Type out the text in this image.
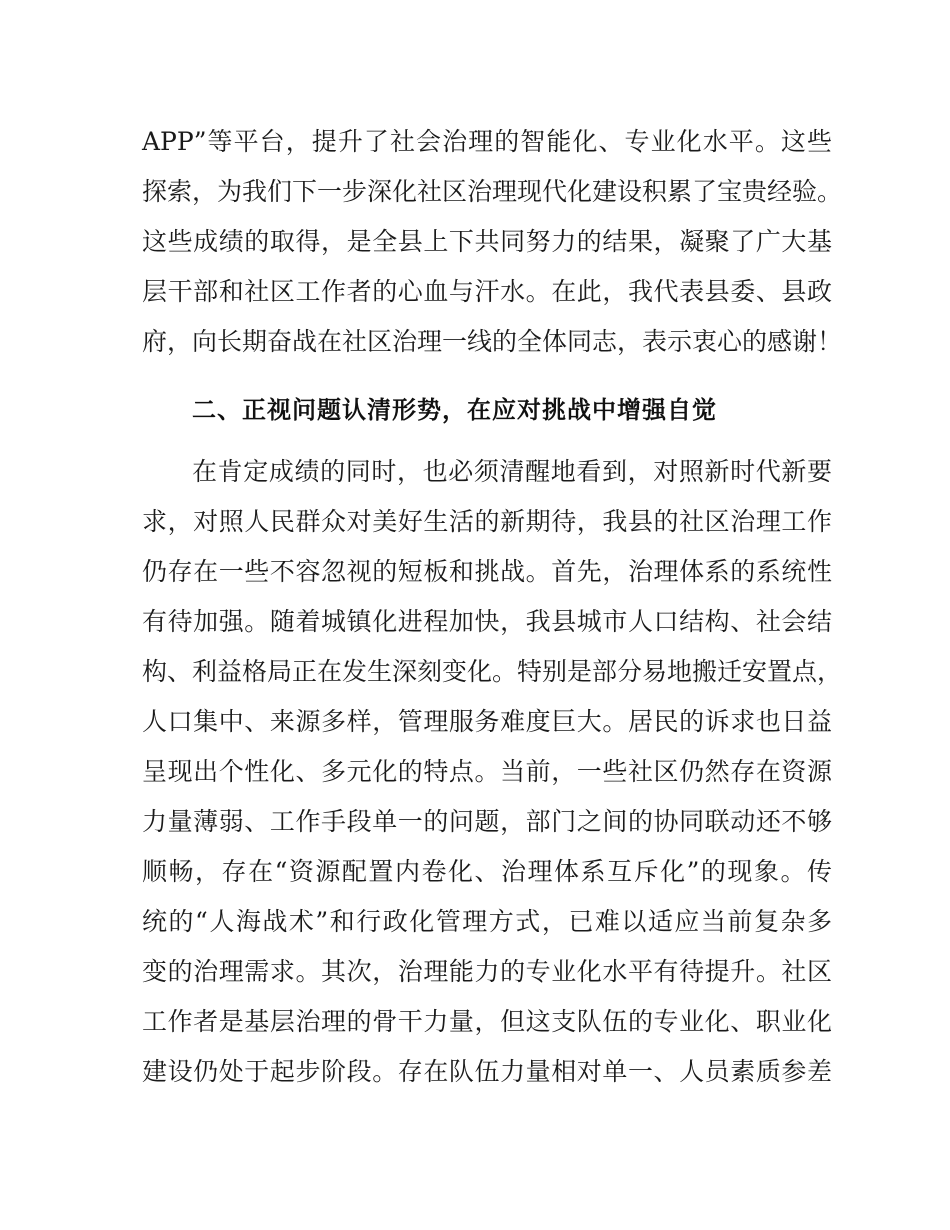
APP”等平台，提升了社会治理的智能化、专业化水平。这些
探索，为我们下一步深化社区治理现代化建设积累了宝贵经验。
这些成绩的取得，是全县上下共同努力的结果，凝聚了广大基
层干部和社区工作者的心血与汗水。在此，我代表县委、县政
府，向长期奋战在社区治理一线的全体同志，表示衷心的感谢！
二、正视问题认清形势，在应对挑战中增强自觉
在肯定成绩的同时，也必须清醒地看到，对照新时代新要
求，对照人民群众对美好生活的新期待，我县的社区治理工作
仍存在一些不容忽视的短板和挑战。首先，治理体系的系统性
有待加强。随着城镇化进程加快，我县城市人口结构、社会结
构、利益格局正在发生深刻变化。特别是部分易地搬迁安置点，
人口集中、来源多样，管理服务难度巨大。居民的诉求也日益
呈现出个性化、多元化的特点。当前，一些社区仍然存在资源
力量薄弱、工作手段单一的问题，部门之间的协同联动还不够
顺畅，存在“资源配置内卷化、治理体系互斥化”的现象。传
统的“人海战术”和行政化管理方式，已难以适应当前复杂多
变的治理需求。其次，治理能力的专业化水平有待提升。社区
工作者是基层治理的骨干力量，但这支队伍的专业化、职业化
建设仍处于起步阶段。存在队伍力量相对单一、人员素质参差
